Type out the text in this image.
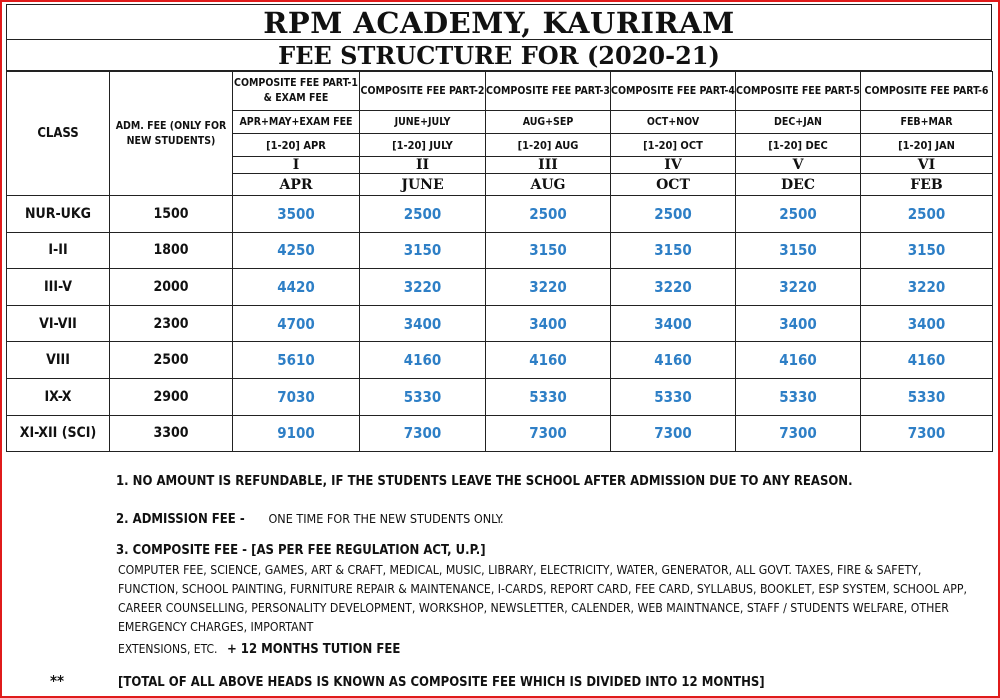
RPM ACADEMY, KAURIRAM
FEE STRUCTURE FOR (2020-21)
CLASS	ADM. FEE (ONLY FOR NEW STUDENTS)	COMPOSITE FEE PART-1 & EXAM FEE	COMPOSITE FEE PART-2	COMPOSITE FEE PART-3	COMPOSITE FEE PART-4	COMPOSITE FEE PART-5	COMPOSITE FEE PART-6
		APR+MAY+EXAM FEE	JUNE+JULY	AUG+SEP	OCT+NOV	DEC+JAN	FEB+MAR
		[1-20] APR	[1-20] JULY	[1-20] AUG	[1-20] OCT	[1-20] DEC	[1-20] JAN
		I	II	III	IV	V	VI
		APR	JUNE	AUG	OCT	DEC	FEB
NUR-UKG	1500	3500	2500	2500	2500	2500	2500
I-II	1800	4250	3150	3150	3150	3150	3150
III-V	2000	4420	3220	3220	3220	3220	3220
VI-VII	2300	4700	3400	3400	3400	3400	3400
VIII	2500	5610	4160	4160	4160	4160	4160
IX-X	2900	7030	5330	5330	5330	5330	5330
XI-XII (SCI)	3300	9100	7300	7300	7300	7300	7300
1. NO AMOUNT IS REFUNDABLE, IF THE STUDENTS LEAVE THE SCHOOL AFTER ADMISSION DUE TO ANY REASON.
2. ADMISSION FEE - ONE TIME FOR THE NEW STUDENTS ONLY.
3. COMPOSITE FEE - [AS PER FEE REGULATION ACT, U.P.]
COMPUTER FEE, SCIENCE, GAMES, ART & CRAFT, MEDICAL, MUSIC, LIBRARY, ELECTRICITY, WATER, GENERATOR, ALL GOVT. TAXES, FIRE & SAFETY, FUNCTION, SCHOOL PAINTING, FURNITURE REPAIR & MAINTENANCE, I-CARDS, REPORT CARD, FEE CARD, SYLLABUS, BOOKLET, ESP SYSTEM, SCHOOL APP, CAREER COUNSELLING, PERSONALITY DEVELOPMENT, WORKSHOP, NEWSLETTER, CALENDER, WEB MAINTNANCE, STAFF / STUDENTS WELFARE, OTHER EMERGENCY CHARGES, IMPORTANT
EXTENSIONS, ETC. + 12 MONTHS TUTION FEE
**	[TOTAL OF ALL ABOVE HEADS IS KNOWN AS COMPOSITE FEE WHICH IS DIVIDED INTO 12 MONTHS]
